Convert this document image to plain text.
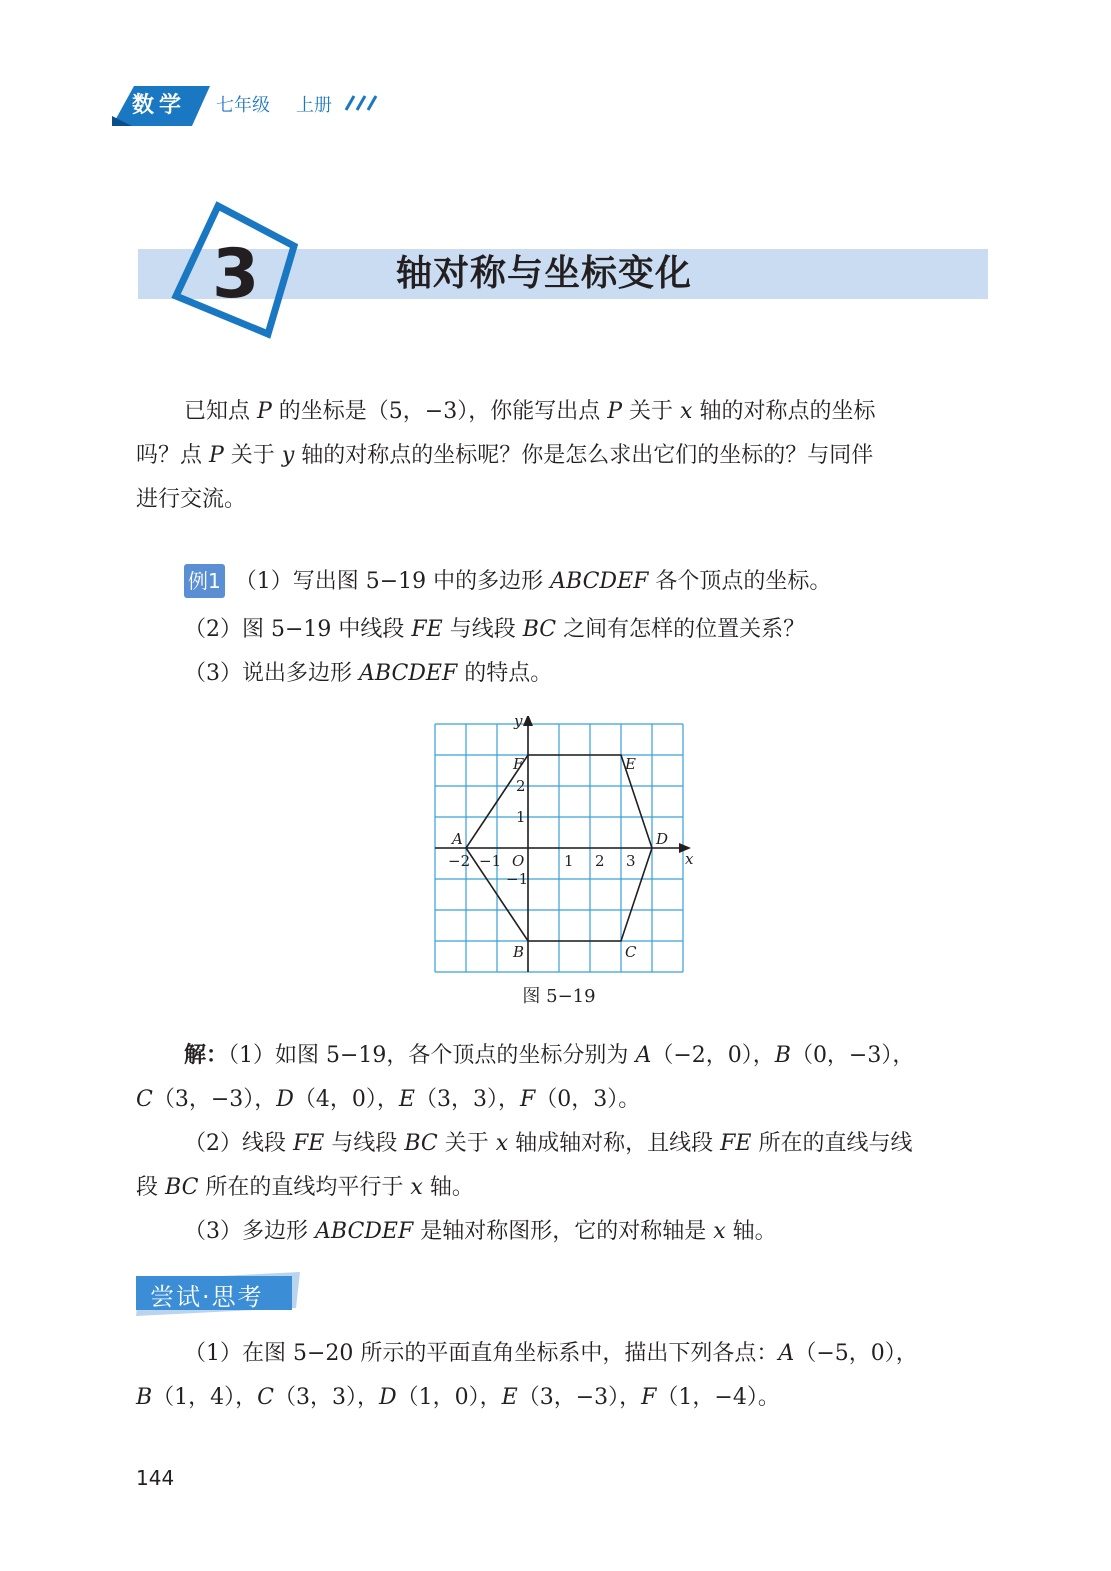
数学 七年级 上册
3	轴对称与坐标变化
已知点 P 的坐标是（5，−3），你能写出点 P 关于 x 轴的对称点的坐标
吗？点 P 关于 y 轴的对称点的坐标呢？你是怎么求出它们的坐标的？与同伴
进行交流。
例1 （1）写出图 5−19 中的多边形 ABCDEF 各个顶点的坐标。
（2）图 5−19 中线段 FE 与线段 BC 之间有怎样的位置关系？
（3）说出多边形 ABCDEF 的特点。
x
y
O
−2 −1	1 2 3
2
1
−1
A
B	C
D
E
F
图 5−19
解：（1）如图 5−19，各个顶点的坐标分别为 A（−2，0），B（0，−3），
C（3，−3），D（4，0），E（3，3），F（0，3）。
（2）线段 FE 与线段 BC 关于 x 轴成轴对称，且线段 FE 所在的直线与线
段 BC 所在的直线均平行于 x 轴。
（3）多边形 ABCDEF 是轴对称图形，它的对称轴是 x 轴。
尝试·思考
（1）在图 5−20 所示的平面直角坐标系中，描出下列各点：A（−5，0），
B（1，4），C（3，3），D（1，0），E（3，−3），F（1，−4）。
144
